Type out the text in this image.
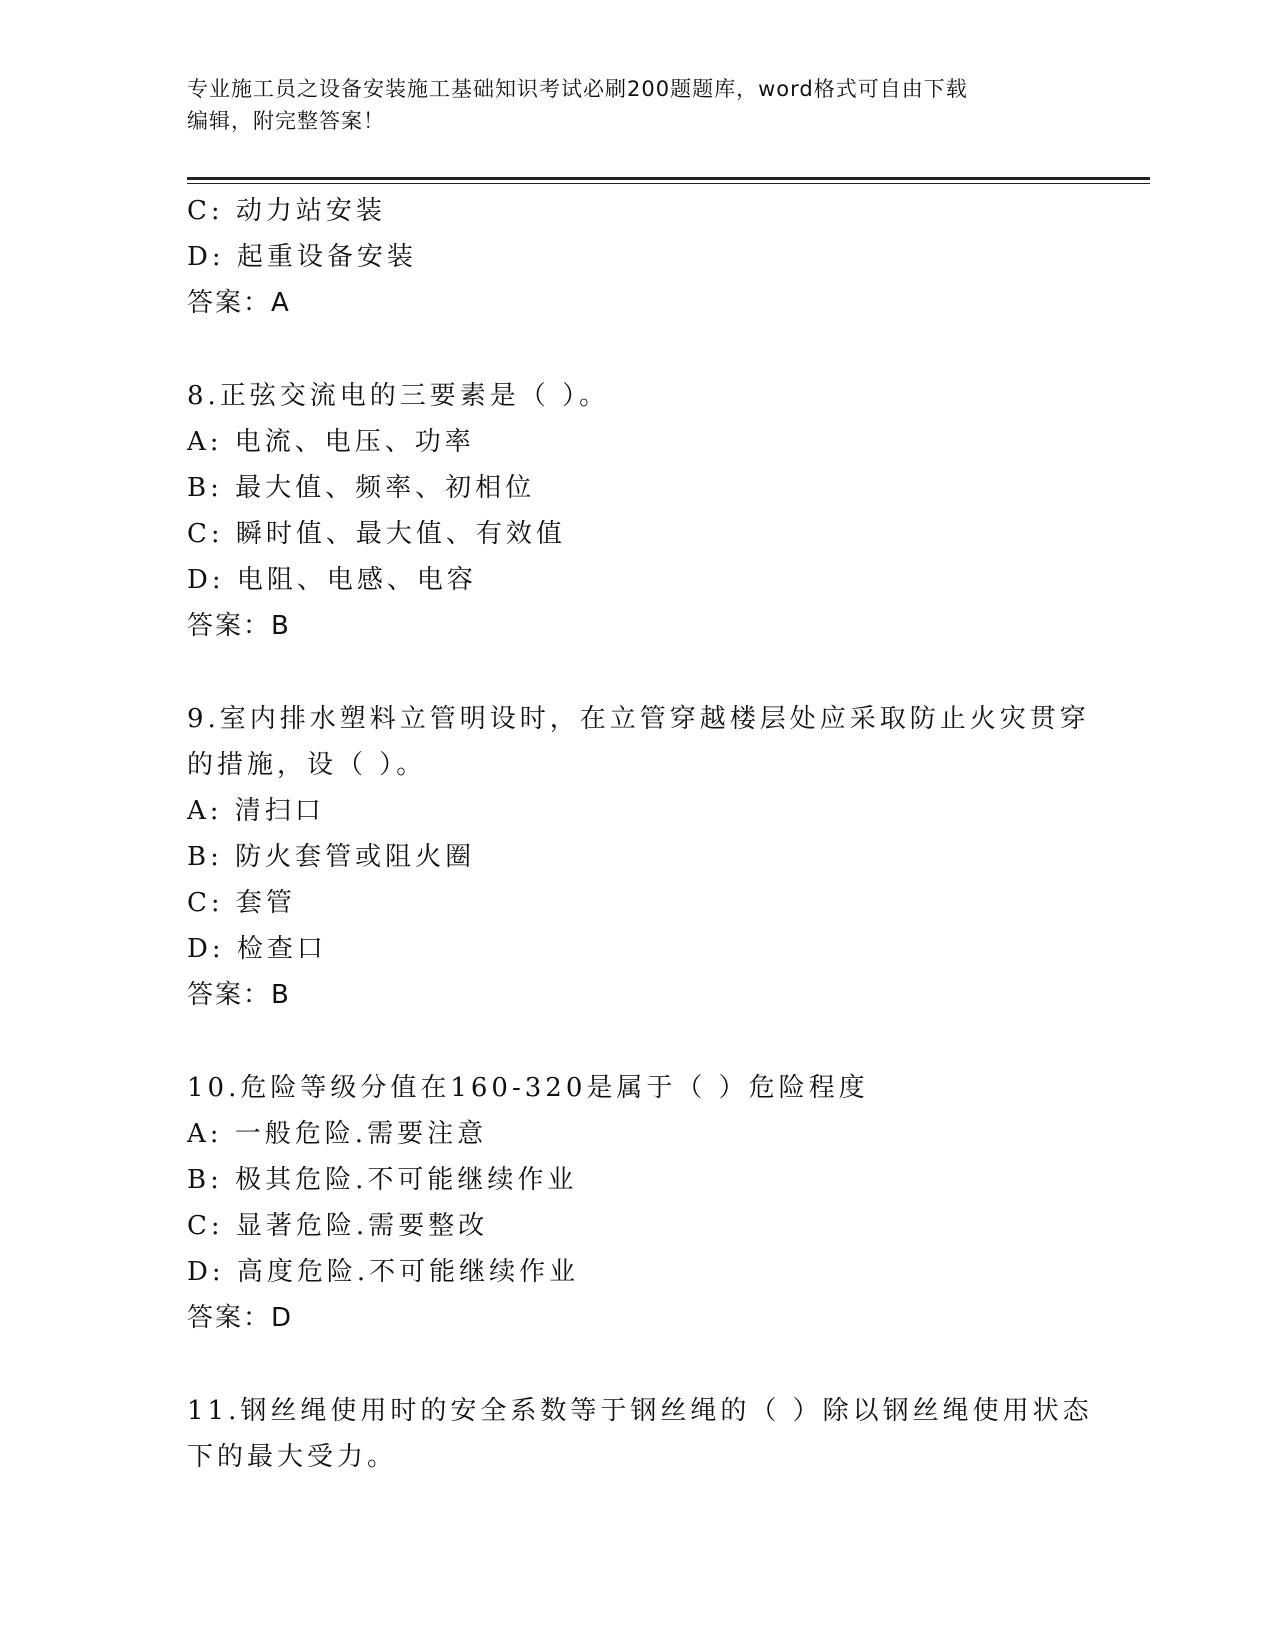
专业施工员之设备安装施工基础知识考试必刷200题题库，word格式可自由下载
编辑，附完整答案！
C: 动力站安装
D: 起重设备安装
答案：A
8.正弦交流电的三要素是（ ）。
A: 电流、电压、功率
B: 最大值、频率、初相位
C: 瞬时值、最大值、有效值
D: 电阻、电感、电容
答案：B
9.室内排水塑料立管明设时，在立管穿越楼层处应采取防止火灾贯穿
的措施，设（ ）。
A: 清扫口
B: 防火套管或阻火圈
C: 套管
D: 检查口
答案：B
10.危险等级分值在160-320是属于（ ）危险程度
A: 一般危险.需要注意
B: 极其危险.不可能继续作业
C: 显著危险.需要整改
D: 高度危险.不可能继续作业
答案：D
11.钢丝绳使用时的安全系数等于钢丝绳的（ ）除以钢丝绳使用状态
下的最大受力。
